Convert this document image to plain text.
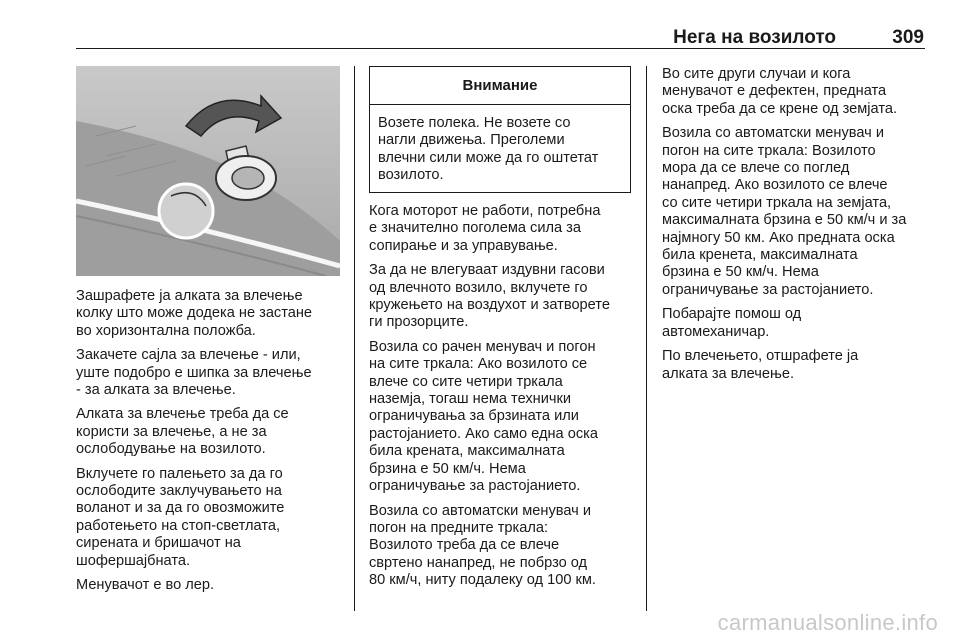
Нега на возилото	309
Внимание
Возете полека. Не возете со
нагли движења. Преголеми
влечни сили може да го оштетат
возилото.

Зашрафете ја алката за влечење
колку што може додека не застане
во хоризонтална положба.

Закачете сајла за влечење - или,
уште подобро е шипка за влечење
- за алката за влечење.

Алката за влечење треба да се
користи за влечење, а не за
ослободување на возилото.

Вклучете го палењето за да го
ослободите заклучувањето на
воланот и за да го овозможите
работењето на стоп-светлата,
сирената и бришачот на
шофершајбната.

Менувачот е во лер.

Кога моторот не работи, потребна
е значително поголема сила за
сопирање и за управување.

За да не влегуваат издувни гасови
од влечното возило, вклучете го
кружењето на воздухот и затворете
ги прозорците.

Возила со рачен менувач и погон
на сите тркала: Ако возилото се
влече со сите четири тркала
наземја, тогаш нема технички
ограничувања за брзината или
растојанието. Ако само една оска
била крената, максималната
брзина е 50 км/ч. Нема
ограничување за растојанието.

Возила со автоматски менувач и
погон на предните тркала:
Возилото треба да се влече
свртено нанапред, не побрзо од
80 км/ч, ниту подалеку од 100 км.

Во сите други случаи и кога
менувачот е дефектен, предната
оска треба да се крене од земјата.

Возила со автоматски менувач и
погон на сите тркала: Возилото
мора да се влече со поглед
нанапред. Ако возилото се влече
со сите четири тркала на земјата,
максималната брзина е 50 км/ч и за
најмногу 50 км. Ако предната оска
била кренета, максималната
брзина е 50 км/ч. Нема
ограничување за растојанието.

Побарајте помош од
автомеханичар.

По влечењето, отшрафете ја
алката за влечење.

carmanualsonline.info
